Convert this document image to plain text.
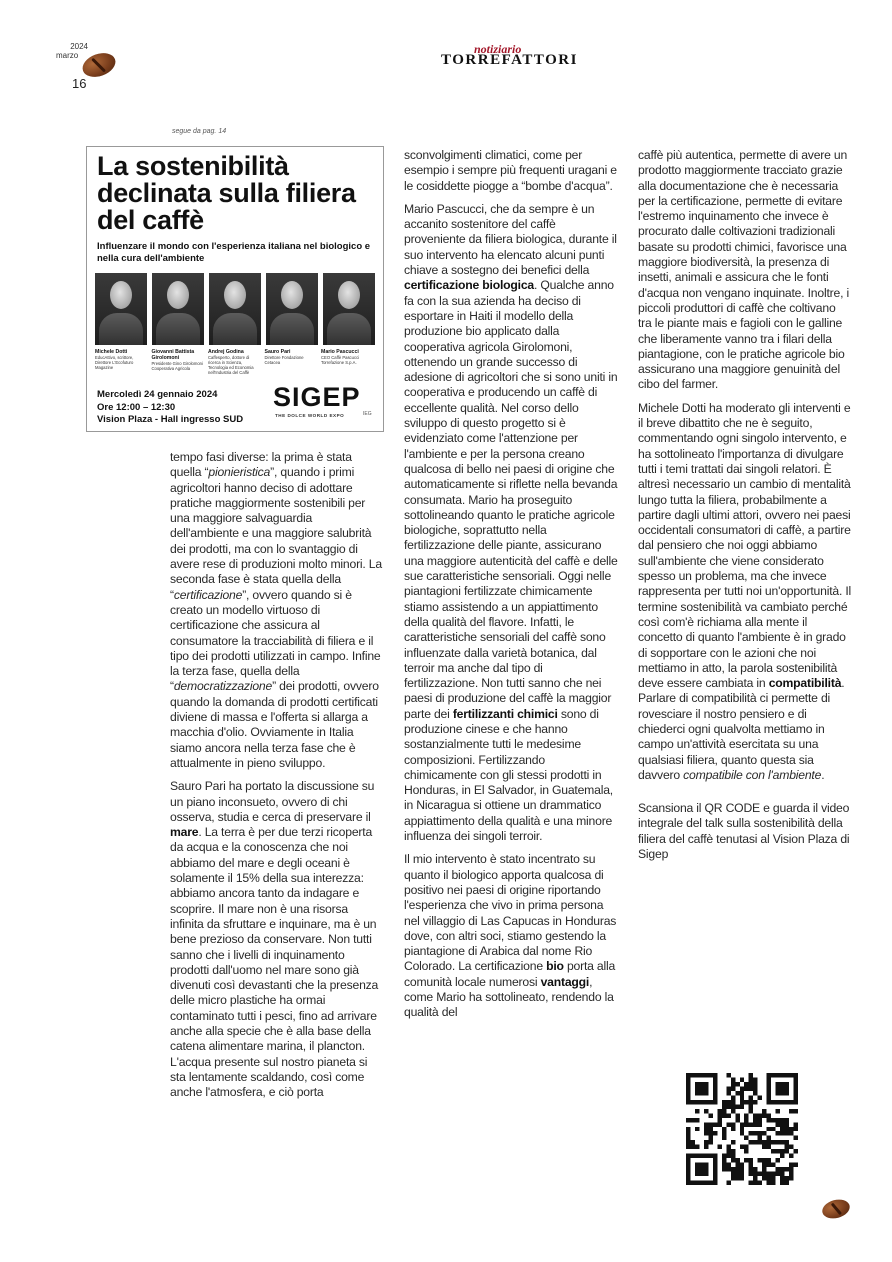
2024
marzo
16
notiziario
TORREFATTORI
segue da pag. 14
La sostenibilità declinata sulla filiera del caffè
Influenzare il mondo con l'esperienza italiana nel biologico e nella cura dell'ambiente
Michele Dotti
EducAttivo, scrittore, Direttore L'Ecofuturo Magazine
Giovanni Battista Girolomoni
Presidente Gino Girolomoni Cooperativa Agricola
Andrej Godina
Caffesperto, dottore di ricerca in Scienza, Tecnologia ed Economia nell'Industria del Caffè
Sauro Pari
Direttore Fondazione Cetacea
Mario Pascucci
CEO Caffè Pascucci Torrefazione S.p.A.
Mercoledì 24 gennaio 2024
Ore 12:00 – 12:30
Vision Plaza - Hall ingresso SUD
SIGEP
THE DOLCE WORLD EXPO	IEG

tempo fasi diverse: la prima è stata quella “pionieristica”, quando i primi agricoltori hanno deciso di adottare pratiche maggiormente sostenibili per una maggiore salvaguardia dell'ambiente e una maggiore salubrità dei prodotti, ma con lo svantaggio di avere rese di produzioni molto minori. La seconda fase è stata quella della “certificazione”, ovvero quando si è creato un modello virtuoso di certificazione che assicura al consumatore la tracciabilità di filiera e il tipo dei prodotti utilizzati in campo. Infine la terza fase, quella della “democratizzazione” dei prodotti, ovvero quando la domanda di prodotti certificati diviene di massa e l'offerta si allarga a macchia d'olio. Ovviamente in Italia siamo ancora nella terza fase che è attualmente in pieno sviluppo.

Sauro Pari ha portato la discussione su un piano inconsueto, ovvero di chi osserva, studia e cerca di preservare il mare. La terra è per due terzi ricoperta da acqua e la conoscenza che noi abbiamo del mare e degli oceani è solamente il 15% della sua interezza: abbiamo ancora tanto da indagare e scoprire. Il mare non è una risorsa infinita da sfruttare e inquinare, ma è un bene prezioso da conservare. Non tutti sanno che i livelli di inquinamento prodotti dall'uomo nel mare sono già divenuti così devastanti che la presenza delle micro plastiche ha ormai contaminato tutti i pesci, fino ad arrivare anche alla specie che è alla base della catena alimentare marina, il plancton. L'acqua presente sul nostro pianeta si sta lentamente scaldando, così come anche l'atmosfera, e ciò porta

sconvolgimenti climatici, come per esempio i sempre più frequenti uragani e le cosiddette piogge a “bombe d'acqua”.

Mario Pascucci, che da sempre è un accanito sostenitore del caffè proveniente da filiera biologica, durante il suo intervento ha elencato alcuni punti chiave a sostegno dei benefici della certificazione biologica. Qualche anno fa con la sua azienda ha deciso di esportare in Haiti il modello della produzione bio applicato dalla cooperativa agricola Girolomoni, ottenendo un grande successo di adesione di agricoltori che si sono uniti in cooperativa e producendo un caffè di eccellente qualità. Nel corso dello sviluppo di questo progetto si è evidenziato come l'attenzione per l'ambiente e per la persona creano qualcosa di bello nei paesi di origine che automaticamente si riflette nella bevanda consumata. Mario ha proseguito sottolineando quanto le pratiche agricole biologiche, soprattutto nella fertilizzazione delle piante, assicurano una maggiore autenticità del caffè e delle sue caratteristiche sensoriali. Oggi nelle piantagioni fertilizzate chimicamente stiamo assistendo a un appiattimento della qualità del flavore. Infatti, le caratteristiche sensoriali del caffè sono influenzate dalla varietà botanica, dal terroir ma anche dal tipo di fertilizzazione. Non tutti sanno che nei paesi di produzione del caffè la maggior parte dei fertilizzanti chimici sono di produzione cinese e che hanno sostanzialmente tutti le medesime composizioni. Fertilizzando chimicamente con gli stessi prodotti in Honduras, in El Salvador, in Guatemala, in Nicaragua si ottiene un drammatico appiattimento della qualità e una minore influenza dei singoli terroir.

Il mio intervento è stato incentrato su quanto il biologico apporta qualcosa di positivo nei paesi di origine riportando l'esperienza che vivo in prima persona nel villaggio di Las Capucas in Honduras dove, con altri soci, stiamo gestendo la piantagione di Arabica dal nome Rio Colorado. La certificazione bio porta alla comunità locale numerosi vantaggi, come Mario ha sottolineato, rendendo la qualità del

caffè più autentica, permette di avere un prodotto maggiormente tracciato grazie alla documentazione che è necessaria per la certificazione, permette di evitare l'estremo inquinamento che invece è procurato dalle coltivazioni tradizionali basate su prodotti chimici, favorisce una maggiore biodiversità, la presenza di insetti, animali e assicura che le fonti d'acqua non vengano inquinate. Inoltre, i piccoli produttori di caffè che coltivano tra le piante mais e fagioli con le galline che liberamente vanno tra i filari della piantagione, con le pratiche agricole bio assicurano una maggiore genuinità del cibo del farmer.

Michele Dotti ha moderato gli interventi e il breve dibattito che ne è seguito, commentando ogni singolo intervento, e ha sottolineato l'importanza di divulgare tutti i temi trattati dai singoli relatori. È altresì necessario un cambio di mentalità lungo tutta la filiera, probabilmente a partire dagli ultimi attori, ovvero nei paesi occidentali consumatori di caffè, a partire dal pensiero che noi oggi abbiamo sull'ambiente che viene considerato spesso un problema, ma che invece rappresenta per tutti noi un'opportunità. Il termine sostenibilità va cambiato perché così com'è richiama alla mente il concetto di quanto l'ambiente è in grado di sopportare con le azioni che noi mettiamo in atto, la parola sostenibilità deve essere cambiata in compatibilità. Parlare di compatibilità ci permette di rovesciare il nostro pensiero e di chiederci ogni qualvolta mettiamo in campo un'attività esercitata su una qualsiasi filiera, quanto questa sia davvero compatibile con l'ambiente.

Scansiona il QR CODE e guarda il video integrale del talk sulla sostenibilità della filiera del caffè tenutasi al Vision Plaza di Sigep
